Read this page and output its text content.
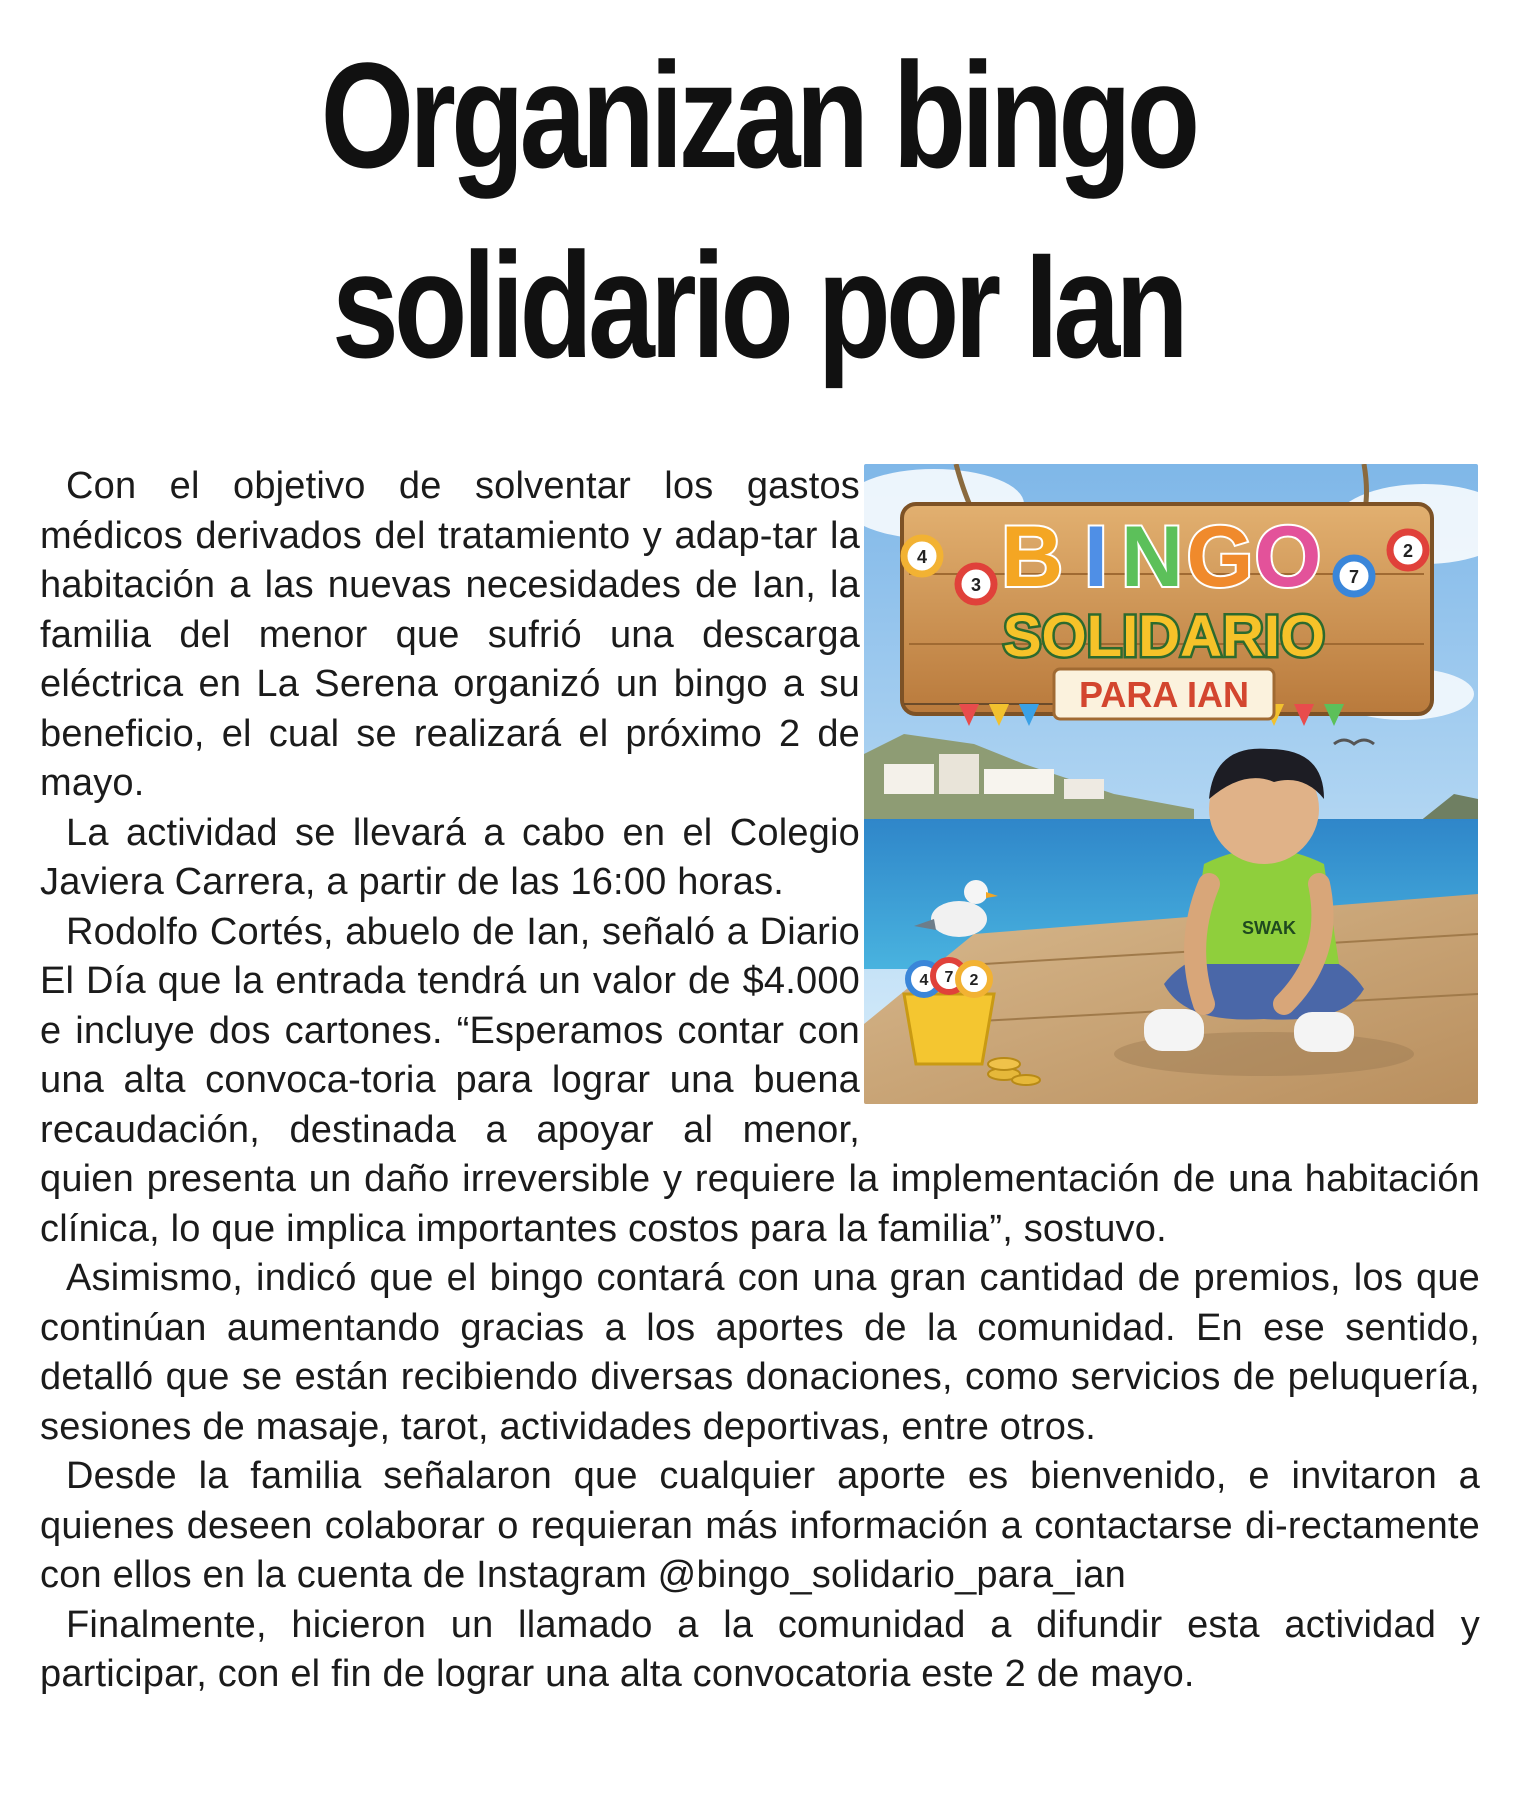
Organizan bingo
solidario por Ian
B I N G O
SOLIDARIO
PARA IAN
4
3	7
2
SWAK
4 7 2

Con el objetivo de solventar los gastos médicos derivados del tratamiento y adap-tar la habitación a las nuevas necesidades de Ian, la familia del menor que sufrió una descarga eléctrica en La Serena organizó un bingo a su beneficio, el cual se realizará el próximo 2 de mayo.

La actividad se llevará a cabo en el Colegio Javiera Carrera, a partir de las 16:00 horas.

Rodolfo Cortés, abuelo de Ian, señaló a Diario El Día que la entrada tendrá un valor de $4.000 e incluye dos cartones. “Esperamos contar con una alta convoca-toria para lograr una buena recaudación, destinada a apoyar al menor, quien presenta un daño irreversible y requiere la implementación de una habitación clínica, lo que implica importantes costos para la familia”, sostuvo.

Asimismo, indicó que el bingo contará con una gran cantidad de premios, los que continúan aumentando gracias a los aportes de la comunidad. En ese sentido, detalló que se están recibiendo diversas donaciones, como servicios de peluquería, sesiones de masaje, tarot, actividades deportivas, entre otros.

Desde la familia señalaron que cualquier aporte es bienvenido, e invitaron a quienes deseen colaborar o requieran más información a contactarse di-rectamente con ellos en la cuenta de Instagram @bingo_solidario_para_ian

Finalmente, hicieron un llamado a la comunidad a difundir esta actividad y participar, con el fin de lograr una alta convocatoria este 2 de mayo.
